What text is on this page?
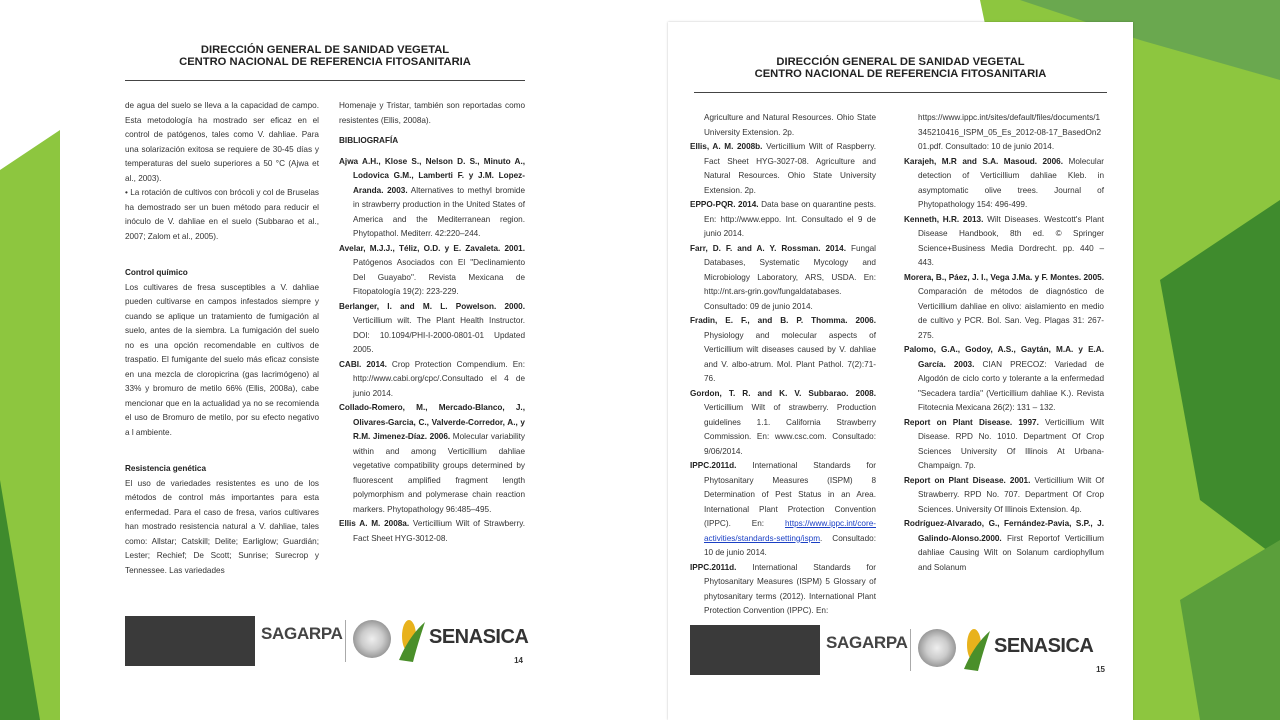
DIRECCIÓN GENERAL DE SANIDAD VEGETAL
CENTRO NACIONAL DE REFERENCIA FITOSANITARIA

de agua del suelo se lleva a la capacidad de campo. Esta metodología ha mostrado ser eficaz en el control de patógenos, tales como V. dahliae. Para una solarización exitosa se requiere de 30-45 días y temperaturas del suelo superiores a 50 °C (Ajwa et al., 2003).

• La rotación de cultivos con brócoli y col de Bruselas ha demostrado ser un buen método para reducir el inóculo de V. dahliae en el suelo (Subbarao et al., 2007; Zalom et al., 2005).

Control químico

Los cultivares de fresa susceptibles a V. dahliae pueden cultivarse en campos infestados siempre y cuando se aplique un tratamiento de fumigación al suelo, antes de la siembra. La fumigación del suelo no es una opción recomendable en cultivos de traspatio. El fumigante del suelo más eficaz consiste en una mezcla de cloropicrina (gas lacrimógeno) al 33% y bromuro de metilo 66% (Ellis, 2008a), cabe mencionar que en la actualidad ya no se recomienda el uso de Bromuro de metilo, por su efecto negativo a l ambiente.

Resistencia genética

El uso de variedades resistentes es uno de los métodos de control más importantes para esta enfermedad. Para el caso de fresa, varios cultivares han mostrado resistencia natural a V. dahliae, tales como: Allstar; Catskill; Delite; Earliglow; Guardián; Lester; Rechief; De Scott; Sunrise; Surecrop y Tennessee. Las variedades

Homenaje y Tristar, también son reportadas como resistentes (Ellis, 2008a).

BIBLIOGRAFÍA

Ajwa A.H., Klose S., Nelson D. S., Minuto A., Lodovica G.M., Lamberti F. y J.M. Lopez-Aranda. 2003. Alternatives to methyl bromide in strawberry production in the United States of America and the Mediterranean region. Phytopathol. Mediterr. 42:220–244.

Avelar, M.J.J., Téliz, O.D. y E. Zavaleta. 2001. Patógenos Asociados con El "Declinamiento Del Guayabo". Revista Mexicana de Fitopatología 19(2): 223-229.

Berlanger, I. and M. L. Powelson. 2000. Verticillium wilt. The Plant Health Instructor. DOI: 10.1094/PHI-I-2000-0801-01 Updated 2005.

CABI. 2014. Crop Protection Compendium. En: http://www.cabi.org/cpc/.Consultado el 4 de junio 2014.

Collado-Romero, M., Mercado-Blanco, J., Olivares-Garcia, C., Valverde-Corredor, A., y R.M. Jimenez-Díaz. 2006. Molecular variability within and among Verticillium dahliae vegetative compatibility groups determined by fluorescent amplified fragment length polymorphism and polymerase chain reaction markers. Phytopathology 96:485–495.

Ellis A. M. 2008a. Verticillium Wilt of Strawberry. Fact Sheet HYG-3012-08.

SAGARPA	SENASICA
14
DIRECCIÓN GENERAL DE SANIDAD VEGETAL
CENTRO NACIONAL DE REFERENCIA FITOSANITARIA

Agriculture and Natural Resources. Ohio State University Extension. 2p.

Ellis, A. M. 2008b. Verticillium Wilt of Raspberry. Fact Sheet HYG-3027-08. Agriculture and Natural Resources. Ohio State University Extension. 2p.

EPPO-PQR. 2014. Data base on quarantine pests. En: http://www.eppo. Int. Consultado el 9 de junio 2014.

Farr, D. F. and A. Y. Rossman. 2014. Fungal Databases, Systematic Mycology and Microbiology Laboratory, ARS, USDA. En: http://nt.ars-grin.gov/fungaldatabases. Consultado: 09 de junio 2014.

Fradin, E. F., and B. P. Thomma. 2006. Physiology and molecular aspects of Verticillium wilt diseases caused by V. dahliae and V. albo-atrum. Mol. Plant Pathol. 7(2):71-76.

Gordon, T. R. and K. V. Subbarao. 2008. Verticillium Wilt of strawberry. Production guidelines 1.1. California Strawberry Commission. En: www.csc.com. Consultado: 9/06/2014.

IPPC.2011d. International Standards for Phytosanitary Measures (ISPM) 8 Determination of Pest Status in an Area. International Plant Protection Convention (IPPC). En: https://www.ippc.int/core-activities/standards-setting/ispm. Consultado: 10 de junio 2014.

IPPC.2011d. International Standards for Phytosanitary Measures (ISPM) 5 Glossary of phytosanitary terms (2012). International Plant Protection Convention (IPPC). En:

https://www.ippc.int/sites/default/files/documents/1345210416_ISPM_05_Es_2012-08-17_BasedOn201.pdf. Consultado: 10 de junio 2014.

Karajeh, M.R and S.A. Masoud. 2006. Molecular detection of Verticillium dahliae Kleb. in asymptomatic olive trees. Journal of Phytopathology 154: 496-499.

Kenneth, H.R. 2013. Wilt Diseases. Westcott's Plant Disease Handbook, 8th ed. © Springer Science+Business Media Dordrecht. pp. 440 – 443.

Morera, B., Páez, J. I., Vega J.Ma. y F. Montes. 2005. Comparación de métodos de diagnóstico de Verticillium dahliae en olivo: aislamiento en medio de cultivo y PCR. Bol. San. Veg. Plagas 31: 267-275.

Palomo, G.A., Godoy, A.S., Gaytán, M.A. y E.A. García. 2003. CIAN PRECOZ: Variedad de Algodón de ciclo corto y tolerante a la enfermedad "Secadera tardía" (Verticillium dahliae K.). Revista Fitotecnia Mexicana 26(2): 131 – 132.

Report on Plant Disease. 1997. Verticillium Wilt Disease. RPD No. 1010. Department Of Crop Sciences University Of Illinois At Urbana-Champaign. 7p.

Report on Plant Disease. 2001. Verticillium Wilt Of Strawberry. RPD No. 707. Department Of Crop Sciences. University Of Illinois Extension. 4p.

Rodríguez-Alvarado, G., Fernández-Pavia, S.P., J. Galindo-Alonso.2000. First Reportof Verticillium dahliae Causing Wilt on Solanum cardiophyllum and Solanum

SAGARPA	SENASICA
15
